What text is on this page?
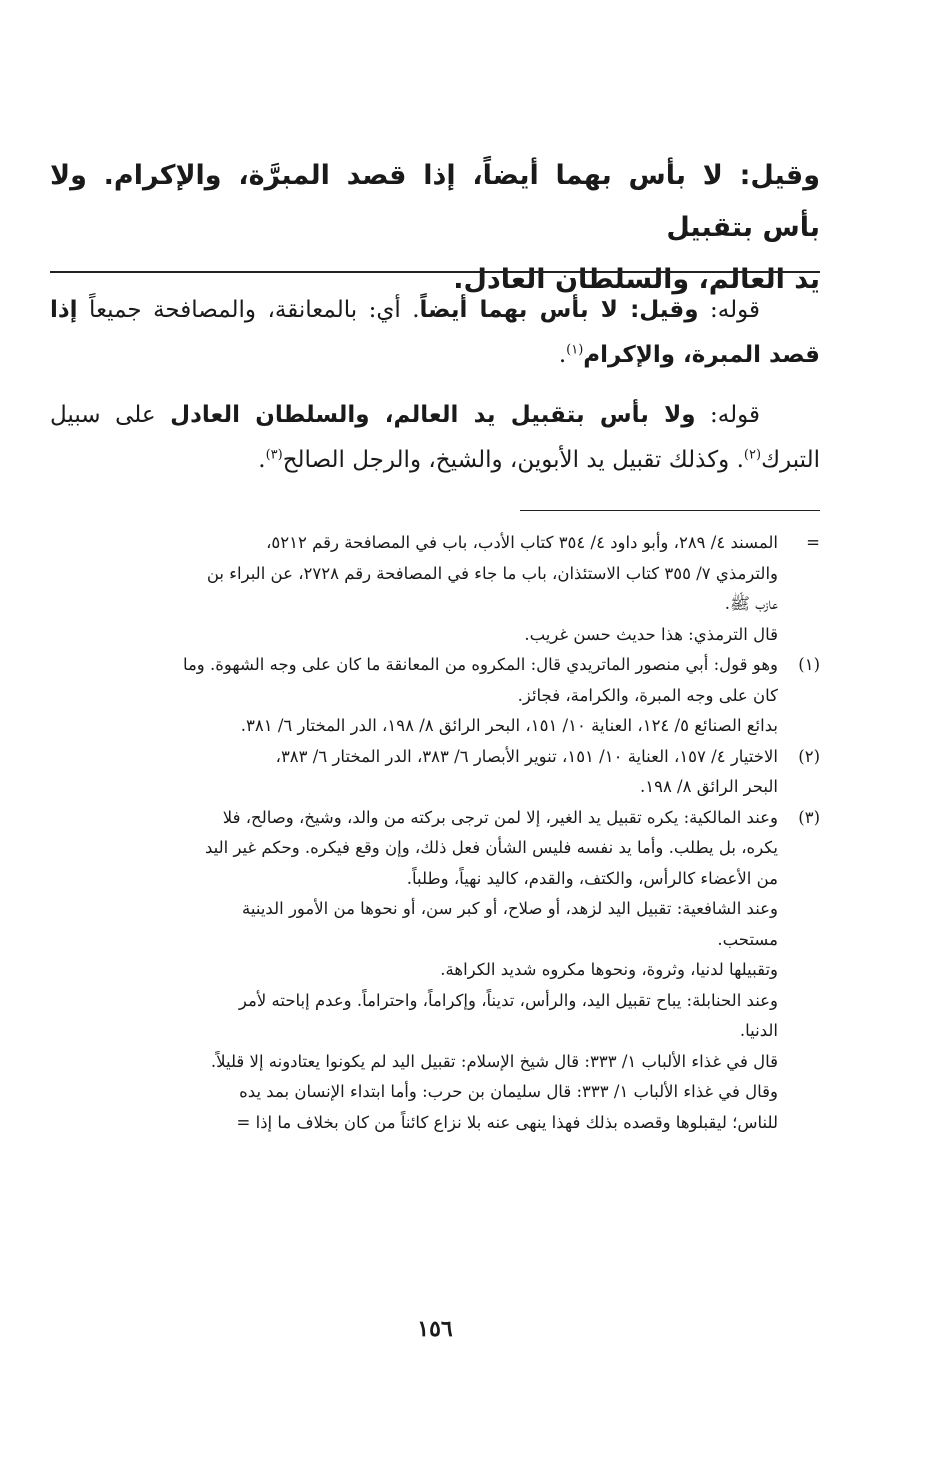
وقيل: لا بأس بهما أيضاً، إذا قصد المبرَّة، والإكرام. ولا بأس بتقبيل
يد العالم، والسلطان العادل.

قوله: وقيل: لا بأس بهما أيضاً. أي: بالمعانقة، والمصافحة جميعاً إذا قصد المبرة، والإكرام$^{(١)}$.

قوله: ولا بأس بتقبيل يد العالم، والسلطان العادل على سبيل التبرك$^{(٢)}$. وكذلك تقبيل يد الأبوين، والشيخ، والرجل الصالح$^{(٣)}$.

=
المسند ٤/ ٢٨٩، وأبو داود ٤/ ٣٥٤ كتاب الأدب، باب في المصافحة رقم ٥٢١٢،
والترمذي ٧/ ٣٥٥ كتاب الاستئذان، باب ما جاء في المصافحة رقم ٢٧٢٨، عن البراء بن
عازب ﷺ.
قال الترمذي: هذا حديث حسن غريب.
(١)
وهو قول: أبي منصور الماتريدي قال: المكروه من المعانقة ما كان على وجه الشهوة. وما
كان على وجه المبرة، والكرامة، فجائز.
بدائع الصنائع ٥/ ١٢٤، العناية ١٠/ ١٥١، البحر الرائق ٨/ ١٩٨، الدر المختار ٦/ ٣٨١.
(٢)
الاختيار ٤/ ١٥٧، العناية ١٠/ ١٥١، تنوير الأبصار ٦/ ٣٨٣، الدر المختار ٦/ ٣٨٣،
البحر الرائق ٨/ ١٩٨.
(٣)
وعند المالكية: يكره تقبيل يد الغير، إلا لمن ترجى بركته من والد، وشيخ، وصالح، فلا
يكره، بل يطلب. وأما يد نفسه فليس الشأن فعل ذلك، وإن وقع فيكره. وحكم غير اليد
من الأعضاء كالرأس، والكتف، والقدم، كاليد نهياً، وطلباً.
وعند الشافعية: تقبيل اليد لزهد، أو صلاح، أو كبر سن، أو نحوها من الأمور الدينية
مستحب.
وتقبيلها لدنيا، وثروة، ونحوها مكروه شديد الكراهة.
وعند الحنابلة: يباح تقبيل اليد، والرأس، تديناً، وإكراماً، واحتراماً. وعدم إباحته لأمر
الدنيا.
قال في غذاء الألباب ١/ ٣٣٣: قال شيخ الإسلام: تقبيل اليد لم يكونوا يعتادونه إلا قليلاً.
وقال في غذاء الألباب ١/ ٣٣٣: قال سليمان بن حرب: وأما ابتداء الإنسان بمد يده
للناس؛ ليقبلوها وقصده بذلك فهذا ينهى عنه بلا نزاع كائناً من كان بخلاف ما إذا =
١٥٦
